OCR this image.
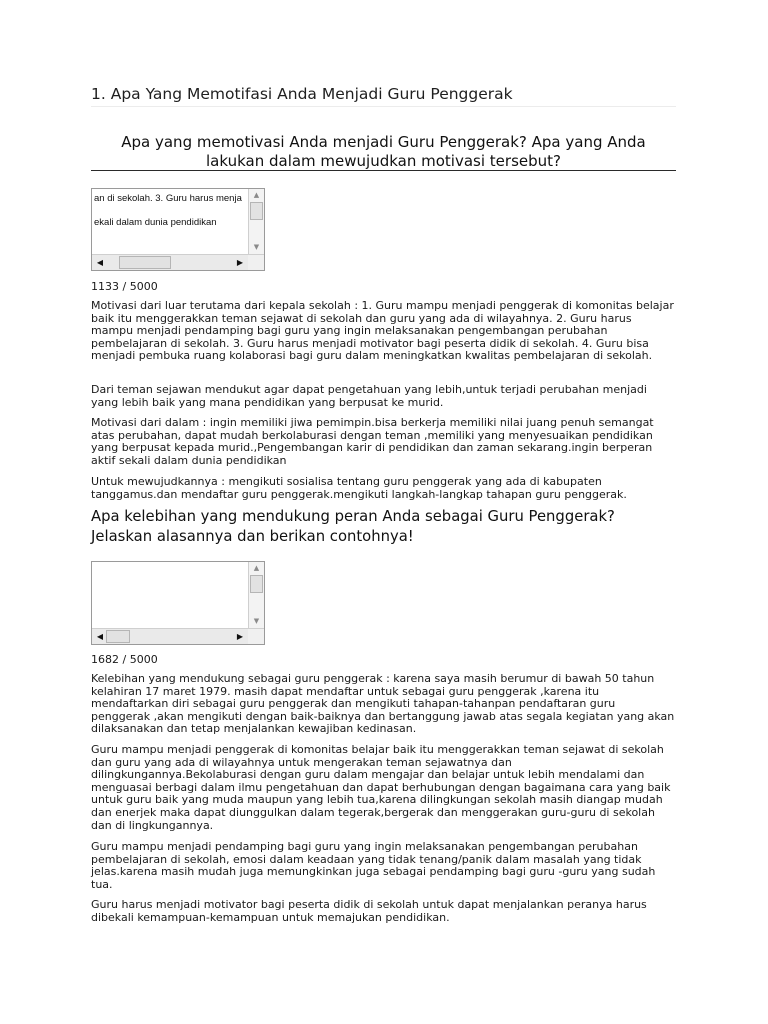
1. Apa Yang Memotifasi Anda Menjadi Guru Penggerak
Apa yang memotivasi Anda menjadi Guru Penggerak? Apa yang Anda lakukan dalam mewujudkan motivasi tersebut?
an di sekolah. 3. Guru harus menja
ekali dalam dunia pendidikan
▲
▼
◀	▶
1133 / 5000

Motivasi dari luar terutama dari kepala sekolah : 1. Guru mampu menjadi penggerak di komonitas belajar baik itu menggerakkan teman sejawat di sekolah dan guru yang ada di wilayahnya. 2. Guru harus mampu menjadi pendamping bagi guru yang ingin melaksanakan pengembangan perubahan pembelajaran di sekolah. 3. Guru harus menjadi motivator bagi peserta didik di sekolah. 4. Guru bisa menjadi pembuka ruang kolaborasi bagi guru dalam meningkatkan kwalitas pembelajaran di sekolah.

Dari teman sejawan mendukut agar dapat pengetahuan yang lebih,untuk terjadi perubahan menjadi yang lebih baik yang mana pendidikan yang berpusat ke murid.

Motivasi dari dalam : ingin memiliki jiwa pemimpin.bisa berkerja memiliki nilai juang penuh semangat atas perubahan, dapat mudah berkolaburasi dengan teman ,memiliki yang menyesuaikan pendidikan yang berpusat kepada murid.,Pengembangan karir di pendidikan dan zaman sekarang.ingin berperan aktif sekali dalam dunia pendidikan

Untuk mewujudkannya : mengikuti sosialisa tentang guru penggerak yang ada di kabupaten tanggamus.dan mendaftar guru penggerak.mengikuti langkah-langkap tahapan guru penggerak.

Apa kelebihan yang mendukung peran Anda sebagai Guru Penggerak? Jelaskan alasannya dan berikan contohnya!
▲
▼
◀	▶
1682 / 5000

Kelebihan yang mendukung sebagai guru penggerak : karena saya masih berumur di bawah 50 tahun kelahiran 17 maret 1979. masih dapat mendaftar untuk sebagai guru penggerak ,karena itu mendaftarkan diri sebagai guru penggerak dan mengikuti tahapan-tahanpan pendaftaran guru penggerak ,akan mengikuti dengan baik-baiknya dan bertanggung jawab atas segala kegiatan yang akan dilaksanakan dan tetap menjalankan kewajiban kedinasan.

Guru mampu menjadi penggerak di komonitas belajar baik itu menggerakkan teman sejawat di sekolah dan guru yang ada di wilayahnya untuk mengerakan teman sejawatnya dan dilingkungannya.Bekolaburasi dengan guru dalam mengajar dan belajar untuk lebih mendalami dan menguasai berbagi dalam ilmu pengetahuan dan dapat berhubungan dengan bagaimana cara yang baik untuk guru baik yang muda maupun yang lebih tua,karena dilingkungan sekolah masih diangap mudah dan enerjek maka dapat diunggulkan dalam tegerak,bergerak dan menggerakan guru-guru di sekolah dan di lingkungannya.

Guru mampu menjadi pendamping bagi guru yang ingin melaksanakan pengembangan perubahan pembelajaran di sekolah, emosi dalam keadaan yang tidak tenang/panik dalam masalah yang tidak jelas.karena masih mudah juga memungkinkan juga sebagai pendamping bagi guru -guru yang sudah tua.

Guru harus menjadi motivator bagi peserta didik di sekolah untuk dapat menjalankan peranya harus dibekali kemampuan-kemampuan untuk memajukan pendidikan.
